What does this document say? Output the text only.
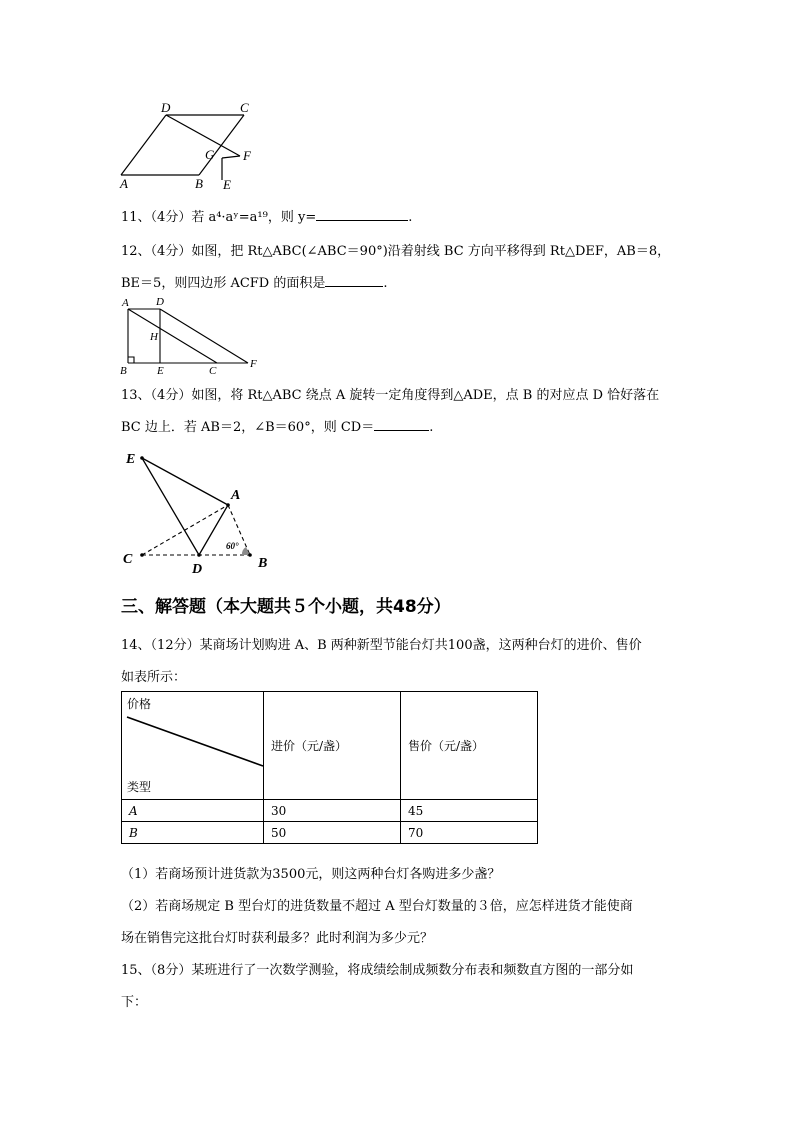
D	C
G F
A	B E
11、（4分）若 a⁴·aʸ=a¹⁹，则 y=	.
12、（4分）如图，把 Rt△ABC(∠ABC＝90°)沿着射线 BC 方向平移得到 Rt△DEF，AB＝8，
BE＝5，则四边形 ACFD 的面积是	.
A D
H
B	E	C
F
13、（4分）如图，将 Rt△ABC 绕点 A 旋转一定角度得到△ADE，点 B 的对应点 D 恰好落在
BC 边上．若 AB＝2，∠B＝60°，则 CD＝	.
E
A
C
D	B
60°
三、解答题（本大题共５个小题，共48分）
14、（12分）某商场计划购进 A、B 两种新型节能台灯共100盏，这两种台灯的进价、售价
如表所示：
价格
类型	进价（元/盏）	售价（元/盏）
A	30	45
B	50	70
（1）若商场预计进货款为3500元，则这两种台灯各购进多少盏？
（2）若商场规定 B 型台灯的进货数量不超过 A 型台灯数量的３倍，应怎样进货才能使商
场在销售完这批台灯时获利最多？此时利润为多少元？
15、（8分）某班进行了一次数学测验，将成绩绘制成频数分布表和频数直方图的一部分如
下：
